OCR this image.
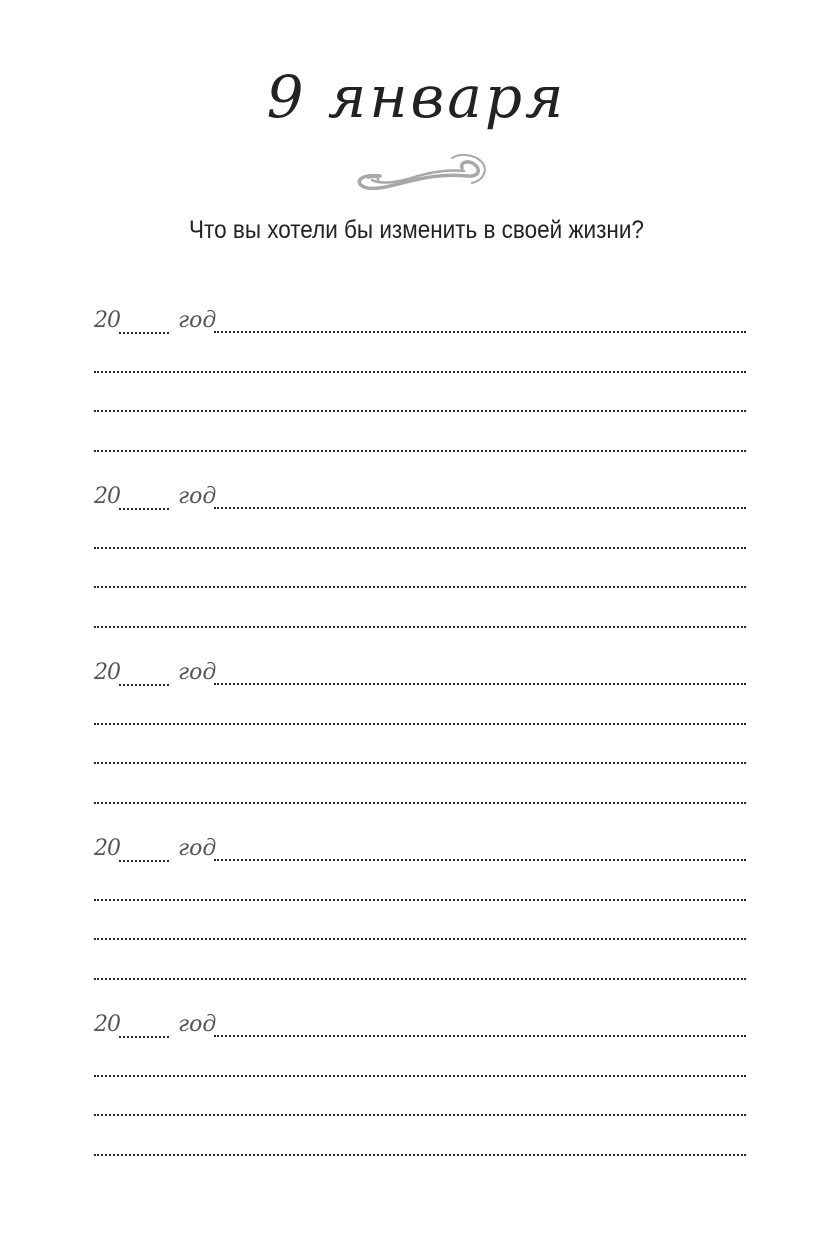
9 января
Что вы хотели бы изменить в своей жизни?
20	год
20	год
20	год
20	год
20	год
